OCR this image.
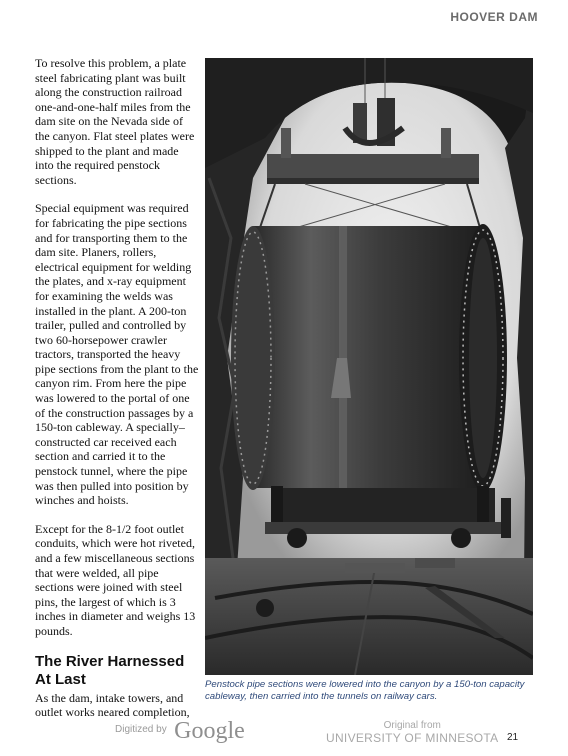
HOOVER DAM

To resolve this problem, a plate steel fabricating plant was built along the construction railroad one-and-one-half miles from the dam site on the Nevada side of the canyon. Flat steel plates were shipped to the plant and made into the required penstock sections.

Special equipment was required for fabricating the pipe sections and for transporting them to the dam site. Planers, rollers, electrical equipment for welding the plates, and x-ray equipment for examining the welds was installed in the plant. A 200-ton trailer, pulled and controlled by two 60-horsepower crawler tractors, transported the heavy pipe sections from the plant to the canyon rim. From here the pipe was lowered to the portal of one of the construction passages by a 150-ton cableway. A specially–constructed car received each section and carried it to the penstock tunnel, where the pipe was then pulled into position by winches and hoists.

Except for the 8-1/2 foot outlet conduits, which were hot riveted, and a few miscellaneous sections that were welded, all pipe sections were joined with steel pins, the largest of which is 3 inches in diameter and weighs 13 pounds.

The River Harnessed At Last

As the dam, intake towers, and outlet works neared completion,

Penstock pipe sections were lowered into the canyon by a 150-ton capacity cableway, then carried into the tunnels on railway cars.
$^{Digitized by}$ Google	Original from
UNIVERSITY OF MINNESOTA 21
